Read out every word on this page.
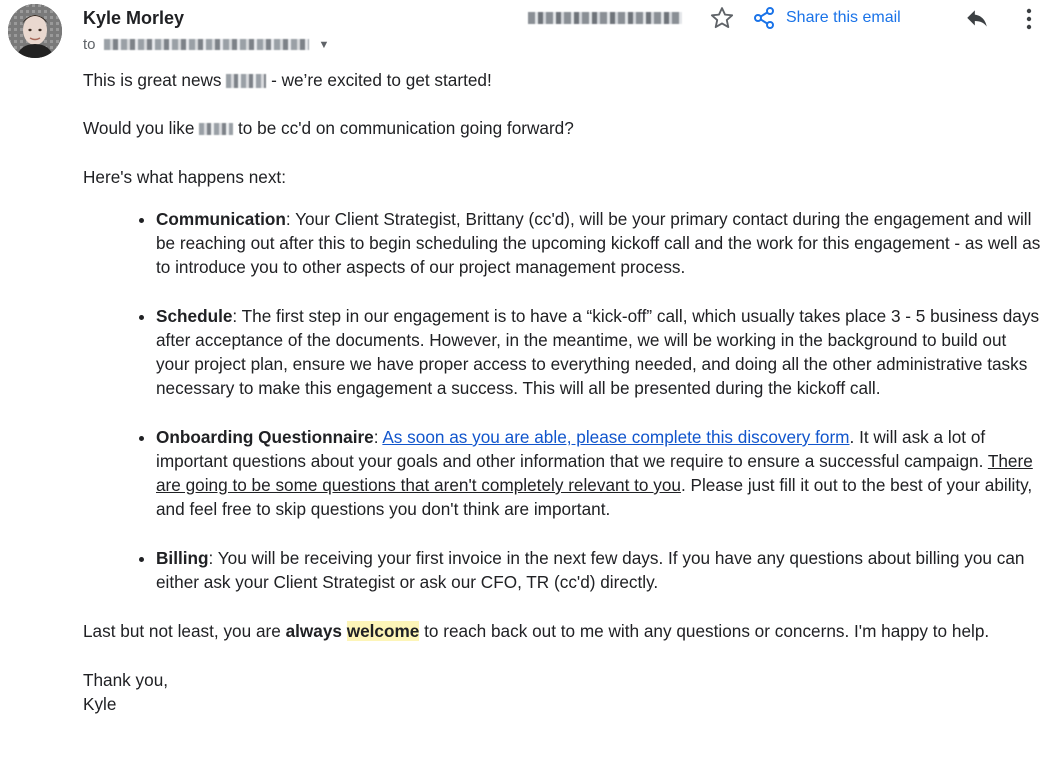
Kyle Morley
to	▼
Share this email

This is great news	- we’re excited to get started!

Would you like  to be cc'd on communication going forward?

Here's what happens next:

• Communication: Your Client Strategist, Brittany (cc'd), will be your primary contact during the engagement and will be reaching out after this to begin scheduling the upcoming kickoff call and the work for this engagement - as well as to introduce you to other aspects of our project management process.
• Schedule: The first step in our engagement is to have a “kick-off” call, which usually takes place 3 - 5 business days after acceptance of the documents. However, in the meantime, we will be working in the background to build out your project plan, ensure we have proper access to everything needed, and doing all the other administrative tasks necessary to make this engagement a success. This will all be presented during the kickoff call.
• Onboarding Questionnaire: As soon as you are able, please complete this discovery form. It will ask a lot of important questions about your goals and other information that we require to ensure a successful campaign. There are going to be some questions that aren't completely relevant to you. Please just fill it out to the best of your ability, and feel free to skip questions you don't think are important.
• Billing: You will be receiving your first invoice in the next few days. If you have any questions about billing you can either ask your Client Strategist or ask our CFO, TR (cc'd) directly.

Last but not least, you are always welcome to reach back out to me with any questions or concerns. I'm happy to help.

Thank you,

Kyle
